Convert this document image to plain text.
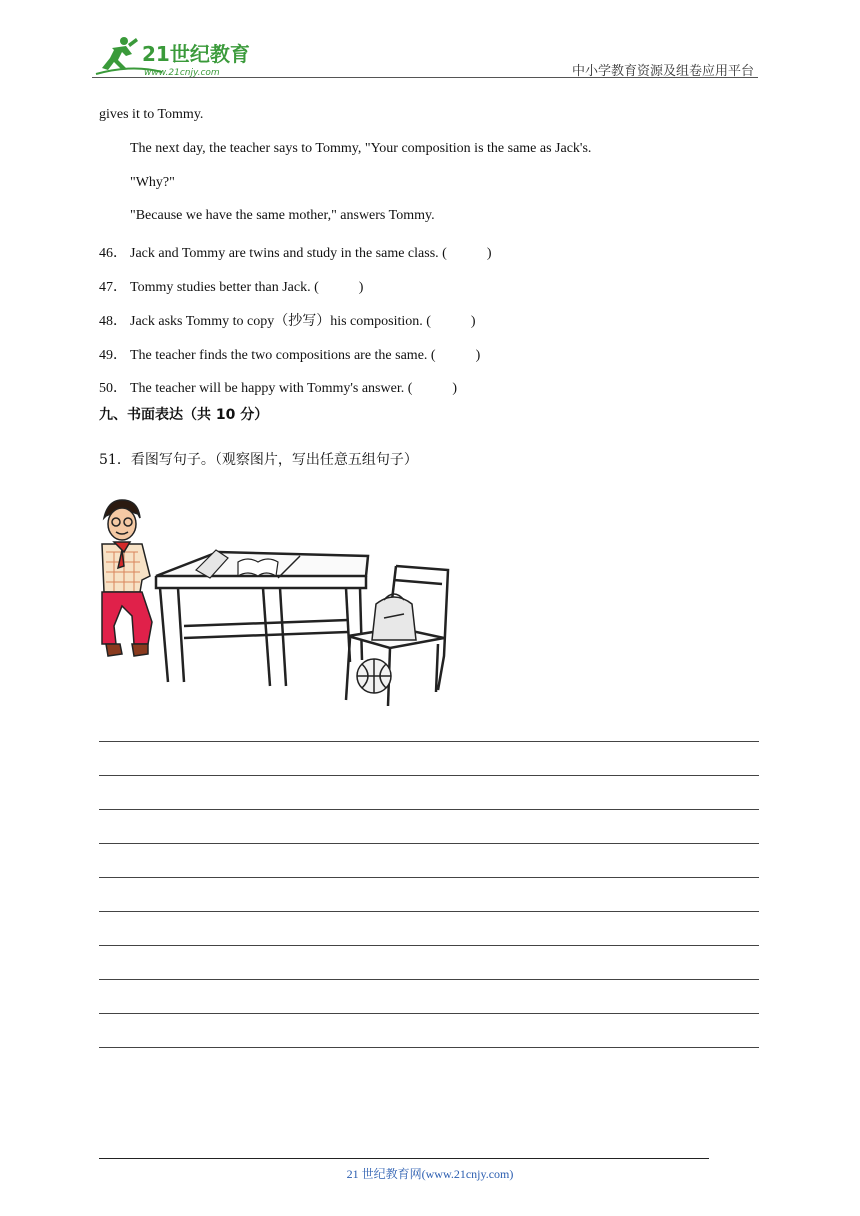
21世纪教育
www.21cnjy.com	中小学教育资源及组卷应用平台
gives it to Tommy.
The next day, the teacher says to Tommy, "Your composition is the same as Jack's.
"Why?"
"Because we have the same mother," answers Tommy.
46． Jack and Tommy are twins and study in the same class. (	)
47． Tommy studies better than Jack. (	)
48． Jack asks Tommy to copy（抄写）his composition. (	)
49． The teacher finds the two compositions are the same. (	)
50． The teacher will be happy with Tommy's answer. (	)
九、书面表达（共 10 分）
51．看图写句子。（观察图片，写出任意五组句子）
21 世纪教育网(www.21cnjy.com)
